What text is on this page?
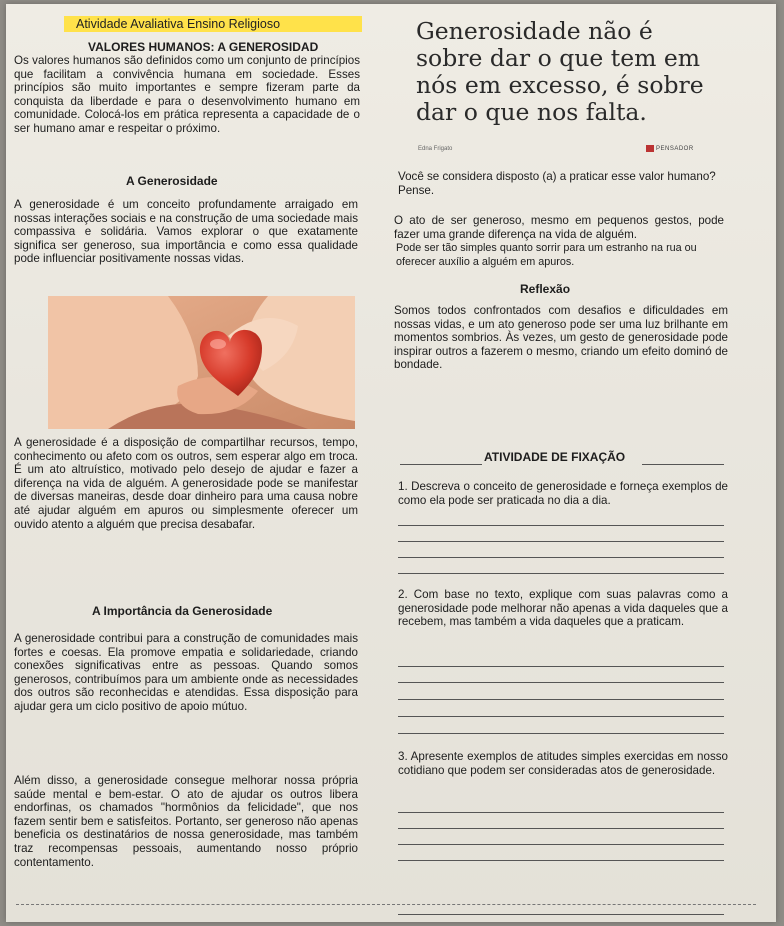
Atividade Avaliativa Ensino Religioso
VALORES HUMANOS: A GENEROSIDAD

Os valores humanos são definidos como um conjunto de princípios que facilitam a convivência humana em sociedade. Esses princípios são muito importantes e sempre fizeram parte da conquista da liberdade e para o desenvolvimento humano em comunidade. Colocá-los em prática representa a capacidade de o ser humano amar e respeitar o próximo.

A Generosidade

A generosidade é um conceito profundamente arraigado em nossas interações sociais e na construção de uma sociedade mais compassiva e solidária. Vamos explorar o que exatamente significa ser generoso, sua importância e como essa qualidade pode influenciar positivamente nossas vidas.

A generosidade é a disposição de compartilhar recursos, tempo, conhecimento ou afeto com os outros, sem esperar algo em troca. É um ato altruístico, motivado pelo desejo de ajudar e fazer a diferença na vida de alguém. A generosidade pode se manifestar de diversas maneiras, desde doar dinheiro para uma causa nobre até ajudar alguém em apuros ou simplesmente oferecer um ouvido atento a alguém que precisa desabafar.

A Importância da Generosidade

A generosidade contribui para a construção de comunidades mais fortes e coesas. Ela promove empatia e solidariedade, criando conexões significativas entre as pessoas. Quando somos generosos, contribuímos para um ambiente onde as necessidades dos outros são reconhecidas e atendidas. Essa disposição para ajudar gera um ciclo positivo de apoio mútuo.

Além disso, a generosidade consegue melhorar nossa própria saúde mental e bem-estar. O ato de ajudar os outros libera endorfinas, os chamados "hormônios da felicidade", que nos fazem sentir bem e satisfeitos. Portanto, ser generoso não apenas beneficia os destinatários de nossa generosidade, mas também traz recompensas pessoais, aumentando nosso próprio contentamento.

Generosidade não é sobre dar o que tem em nós em excesso, é sobre dar o que nos falta.

Edna Frigato	PENSADOR

Você se considera disposto (a) a praticar esse valor humano? Pense.

O ato de ser generoso, mesmo em pequenos gestos, pode fazer uma grande diferença na vida de alguém.

Pode ser tão simples quanto sorrir para um estranho na rua ou oferecer auxílio a alguém em apuros.

Reflexão

Somos todos confrontados com desafios e dificuldades em nossas vidas, e um ato generoso pode ser uma luz brilhante em momentos sombrios. Às vezes, um gesto de generosidade pode inspirar outros a fazerem o mesmo, criando um efeito dominó de bondade.

ATIVIDADE DE FIXAÇÃO

1. Descreva o conceito de generosidade e forneça exemplos de como ela pode ser praticada no dia a dia.

2. Com base no texto, explique com suas palavras como a generosidade pode melhorar não apenas a vida daqueles que a recebem, mas também a vida daqueles que a praticam.

3. Apresente exemplos de atitudes simples exercidas em nosso cotidiano que podem ser consideradas atos de generosidade.
